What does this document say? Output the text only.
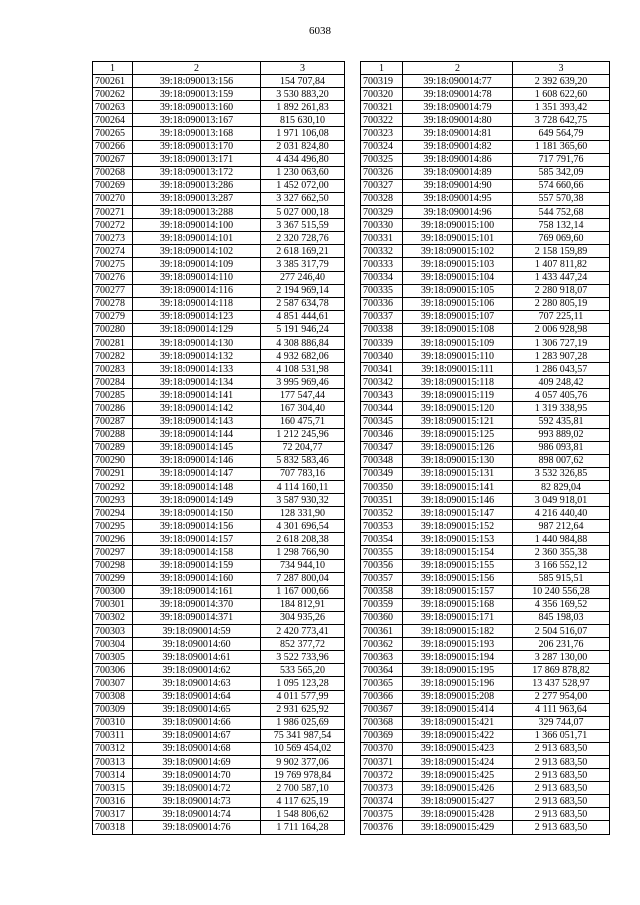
6038
1	2	3
700261	39:18:090013:156	154 707,84
700262	39:18:090013:159	3 530 883,20
700263	39:18:090013:160	1 892 261,83
700264	39:18:090013:167	815 630,10
700265	39:18:090013:168	1 971 106,08
700266	39:18:090013:170	2 031 824,80
700267	39:18:090013:171	4 434 496,80
700268	39:18:090013:172	1 230 063,60
700269	39:18:090013:286	1 452 072,00
700270	39:18:090013:287	3 327 662,50
700271	39:18:090013:288	5 027 000,18
700272	39:18:090014:100	3 367 515,59
700273	39:18:090014:101	2 320 728,76
700274	39:18:090014:102	2 618 169,21
700275	39:18:090014:109	3 385 317,79
700276	39:18:090014:110	277 246,40
700277	39:18:090014:116	2 194 969,14
700278	39:18:090014:118	2 587 634,78
700279	39:18:090014:123	4 851 444,61
700280	39:18:090014:129	5 191 946,24
700281	39:18:090014:130	4 308 886,84
700282	39:18:090014:132	4 932 682,06
700283	39:18:090014:133	4 108 531,98
700284	39:18:090014:134	3 995 969,46
700285	39:18:090014:141	177 547,44
700286	39:18:090014:142	167 304,40
700287	39:18:090014:143	160 475,71
700288	39:18:090014:144	1 212 245,96
700289	39:18:090014:145	72 204,77
700290	39:18:090014:146	5 832 583,46
700291	39:18:090014:147	707 783,16
700292	39:18:090014:148	4 114 160,11
700293	39:18:090014:149	3 587 930,32
700294	39:18:090014:150	128 331,90
700295	39:18:090014:156	4 301 696,54
700296	39:18:090014:157	2 618 208,38
700297	39:18:090014:158	1 298 766,90
700298	39:18:090014:159	734 944,10
700299	39:18:090014:160	7 287 800,04
700300	39:18:090014:161	1 167 000,66
700301	39:18:090014:370	184 812,91
700302	39:18:090014:371	304 935,26
700303	39:18:090014:59	2 420 773,41
700304	39:18:090014:60	852 377,72
700305	39:18:090014:61	3 522 733,96
700306	39:18:090014:62	533 565,20
700307	39:18:090014:63	1 095 123,28
700308	39:18:090014:64	4 011 577,99
700309	39:18:090014:65	2 931 625,92
700310	39:18:090014:66	1 986 025,69
700311	39:18:090014:67	75 341 987,54
700312	39:18:090014:68	10 569 454,02
700313	39:18:090014:69	9 902 377,06
700314	39:18:090014:70	19 769 978,84
700315	39:18:090014:72	2 700 587,10
700316	39:18:090014:73	4 117 625,19
700317	39:18:090014:74	1 548 806,62
700318	39:18:090014:76	1 711 164,28
1	2	3
700319	39:18:090014:77	2 392 639,20
700320	39:18:090014:78	1 608 622,60
700321	39:18:090014:79	1 351 393,42
700322	39:18:090014:80	3 728 642,75
700323	39:18:090014:81	649 564,79
700324	39:18:090014:82	1 181 365,60
700325	39:18:090014:86	717 791,76
700326	39:18:090014:89	585 342,09
700327	39:18:090014:90	574 660,66
700328	39:18:090014:95	557 570,38
700329	39:18:090014:96	544 752,68
700330	39:18:090015:100	758 132,14
700331	39:18:090015:101	769 069,60
700332	39:18:090015:102	2 158 159,89
700333	39:18:090015:103	1 407 811,82
700334	39:18:090015:104	1 433 447,24
700335	39:18:090015:105	2 280 918,07
700336	39:18:090015:106	2 280 805,19
700337	39:18:090015:107	707 225,11
700338	39:18:090015:108	2 006 928,98
700339	39:18:090015:109	1 306 727,19
700340	39:18:090015:110	1 283 907,28
700341	39:18:090015:111	1 286 043,57
700342	39:18:090015:118	409 248,42
700343	39:18:090015:119	4 057 405,76
700344	39:18:090015:120	1 319 338,95
700345	39:18:090015:121	592 435,81
700346	39:18:090015:125	993 889,02
700347	39:18:090015:126	986 093,81
700348	39:18:090015:130	898 007,62
700349	39:18:090015:131	3 532 326,85
700350	39:18:090015:141	82 829,04
700351	39:18:090015:146	3 049 918,01
700352	39:18:090015:147	4 216 440,40
700353	39:18:090015:152	987 212,64
700354	39:18:090015:153	1 440 984,88
700355	39:18:090015:154	2 360 355,38
700356	39:18:090015:155	3 166 552,12
700357	39:18:090015:156	585 915,51
700358	39:18:090015:157	10 240 556,28
700359	39:18:090015:168	4 356 169,52
700360	39:18:090015:171	845 198,03
700361	39:18:090015:182	2 504 516,07
700362	39:18:090015:193	206 231,76
700363	39:18:090015:194	3 287 130,00
700364	39:18:090015:195	17 869 878,82
700365	39:18:090015:196	13 437 528,97
700366	39:18:090015:208	2 277 954,00
700367	39:18:090015:414	4 111 963,64
700368	39:18:090015:421	329 744,07
700369	39:18:090015:422	1 366 051,71
700370	39:18:090015:423	2 913 683,50
700371	39:18:090015:424	2 913 683,50
700372	39:18:090015:425	2 913 683,50
700373	39:18:090015:426	2 913 683,50
700374	39:18:090015:427	2 913 683,50
700375	39:18:090015:428	2 913 683,50
700376	39:18:090015:429	2 913 683,50
